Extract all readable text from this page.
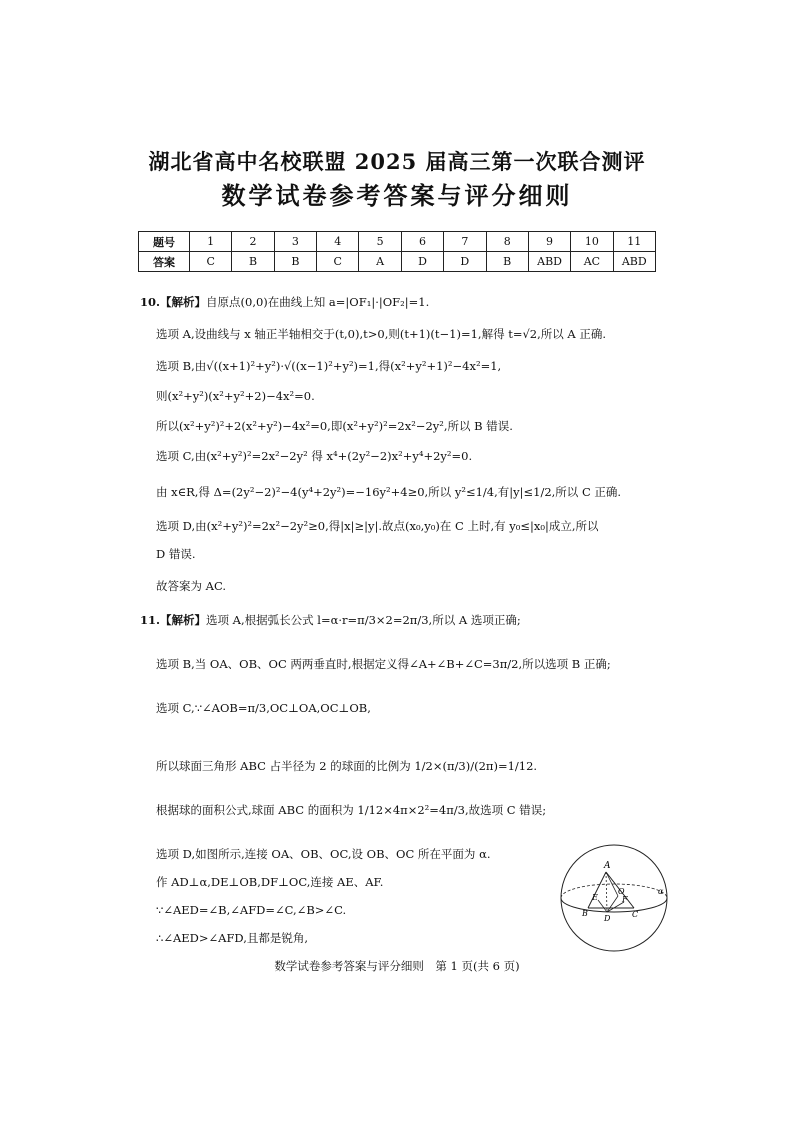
湖北省高中名校联盟 2025 届高三第一次联合测评
数学试卷参考答案与评分细则
题号	1	2	3	4	5	6	7	8	9	10	11
答案	C	B	B	C	A	D	D	B	ABD	AC	ABD
10.【解析】自原点(0,0)在曲线上知 a=|OF₁|·|OF₂|=1.
选项 A,设曲线与 x 轴正半轴相交于(t,0),t>0,则(t+1)(t−1)=1,解得 t=√2,所以 A 正确.
选项 B,由√((x+1)²+y²)·√((x−1)²+y²)=1,得(x²+y²+1)²−4x²=1,
则(x²+y²)(x²+y²+2)−4x²=0.
所以(x²+y²)²+2(x²+y²)−4x²=0,即(x²+y²)²=2x²−2y²,所以 B 错误.
选项 C,由(x²+y²)²=2x²−2y² 得 x⁴+(2y²−2)x²+y⁴+2y²=0.
由 x∈R,得 Δ=(2y²−2)²−4(y⁴+2y²)=−16y²+4≥0,所以 y²≤1/4,有|y|≤1/2,所以 C 正确.
选项 D,由(x²+y²)²=2x²−2y²≥0,得|x|≥|y|.故点(x₀,y₀)在 C 上时,有 y₀≤|x₀|成立,所以
D 错误.
故答案为 AC.
11.【解析】选项 A,根据弧长公式 l=α·r=π/3×2=2π/3,所以 A 选项正确;
选项 B,当 OA、OB、OC 两两垂直时,根据定义得∠A+∠B+∠C=3π/2,所以选项 B 正确;
选项 C,∵∠AOB=π/3,OC⊥OA,OC⊥OB,
所以球面三角形 ABC 占半径为 2 的球面的比例为 1/2×(π/3)/(2π)=1/12.
根据球的面积公式,球面 ABC 的面积为 1/12×4π×2²=4π/3,故选项 C 错误;
选项 D,如图所示,连接 OA、OB、OC,设 OB、OC 所在平面为 α.
作 AD⊥α,DE⊥OB,DF⊥OC,连接 AE、AF.
∵∠AED=∠B,∠AFD=∠C,∠B>∠C.
∴∠AED>∠AFD,且都是锐角,
A
O
E	F
B
D	C
α
数学试卷参考答案与评分细则　第 1 页(共 6 页)
